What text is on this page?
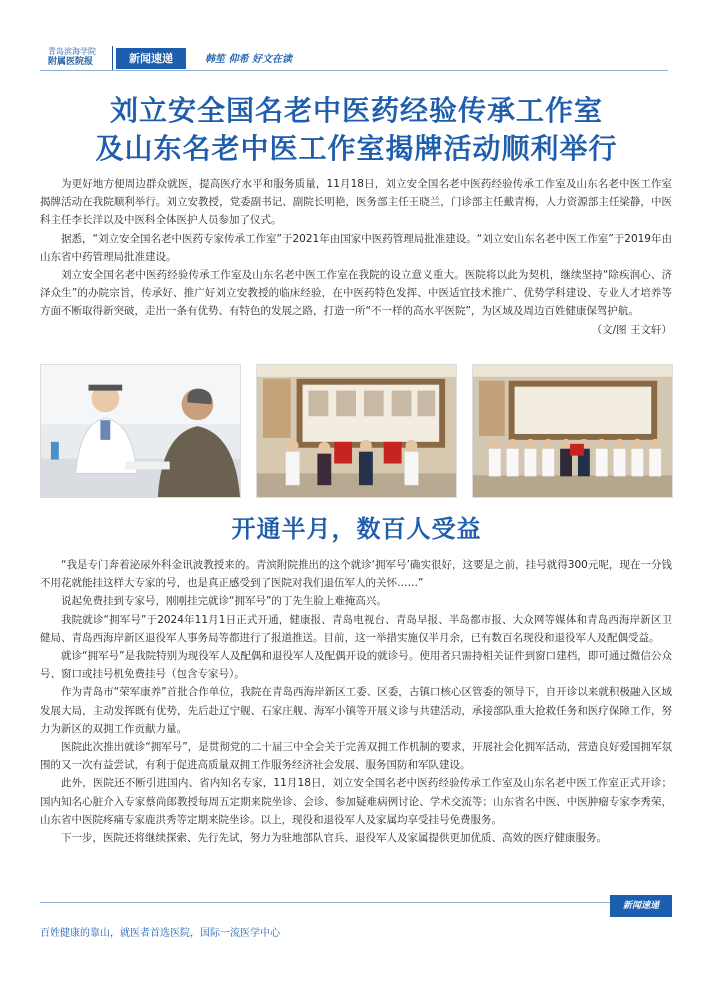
青岛滨海学院
附属医院报	新闻速递	韩笙 仰希 好文在读
刘立安全国名老中医药经验传承工作室
及山东名老中医工作室揭牌活动顺利举行

为更好地方便周边群众就医，提高医疗水平和服务质量，11月18日，刘立安全国名老中医药经验传承工作室及山东名老中医工作室揭牌活动在我院顺利举行。刘立安教授，党委副书记、副院长明艳，医务部主任王晓兰，门诊部主任戴青梅，人力资源部主任梁静，中医科主任李长洋以及中医科全体医护人员参加了仪式。

据悉，“刘立安全国名老中医药专家传承工作室”于2021年由国家中医药管理局批准建设。“刘立安山东名老中医工作室”于2019年由山东省中药管理局批准建设。

刘立安全国名老中医药经验传承工作室及山东名老中医工作室在我院的设立意义重大。医院将以此为契机，继续坚持“除疾润心、济泽众生”的办院宗旨，传承好、推广好刘立安教授的临床经验，在中医药特色发挥、中医适宜技术推广、优势学科建设、专业人才培养等方面不断取得新突破，走出一条有优势、有特色的发展之路，打造一所“不一样的高水平医院”，为区域及周边百姓健康保驾护航。

（文/图 王文轩）
开通半月，数百人受益

“我是专门奔着泌尿外科金讯波教授来的。青滨附院推出的这个就诊‘拥军号’确实很好，这要是之前，挂号就得300元呢，现在一分钱不用花就能挂这样大专家的号，也是真正感受到了医院对我们退伍军人的关怀……”

说起免费挂到专家号，刚刚挂完就诊“拥军号”的丁先生脸上难掩高兴。

我院就诊“拥军号”于2024年11月1日正式开通，健康报、青岛电视台、青岛早报、半岛都市报、大众网等媒体和青岛西海岸新区卫健局、青岛西海岸新区退役军人事务局等都进行了报道推送。目前，这一举措实施仅半月余，已有数百名现役和退役军人及配偶受益。

就诊“拥军号”是我院特别为现役军人及配偶和退役军人及配偶开设的就诊号。使用者只需持相关证件到窗口建档，即可通过微信公众号、窗口或挂号机免费挂号（包含专家号）。

作为青岛市“荣军康养”首批合作单位，我院在青岛西海岸新区工委、区委，古镇口核心区管委的领导下，自开诊以来就积极融入区域发展大局，主动发挥既有优势，先后赴辽宁舰、石家庄舰、海军小镇等开展义诊与共建活动，承接部队重大抢救任务和医疗保障工作，努力为新区的双拥工作贡献力量。

医院此次推出就诊“拥军号”，是贯彻党的二十届三中全会关于完善双拥工作机制的要求，开展社会化拥军活动，营造良好爱国拥军氛围的又一次有益尝试，有利于促进高质量双拥工作服务经济社会发展、服务国防和军队建设。

此外，医院还不断引进国内、省内知名专家，11月18日，刘立安全国名老中医药经验传承工作室及山东名老中医工作室正式开诊；国内知名心脏介入专家蔡尚郎教授每周五定期来院坐诊、会诊、参加疑难病例讨论、学术交流等；山东省名中医、中医肿瘤专家李秀荣，山东省中医院疼痛专家鹿洪秀等定期来院坐诊。以上，现役和退役军人及家属均享受挂号免费服务。

下一步，医院还将继续探索、先行先试，努力为驻地部队官兵、退役军人及家属提供更加优质、高效的医疗健康服务。

新闻速递
百姓健康的靠山，就医者首选医院，国际一流医学中心
